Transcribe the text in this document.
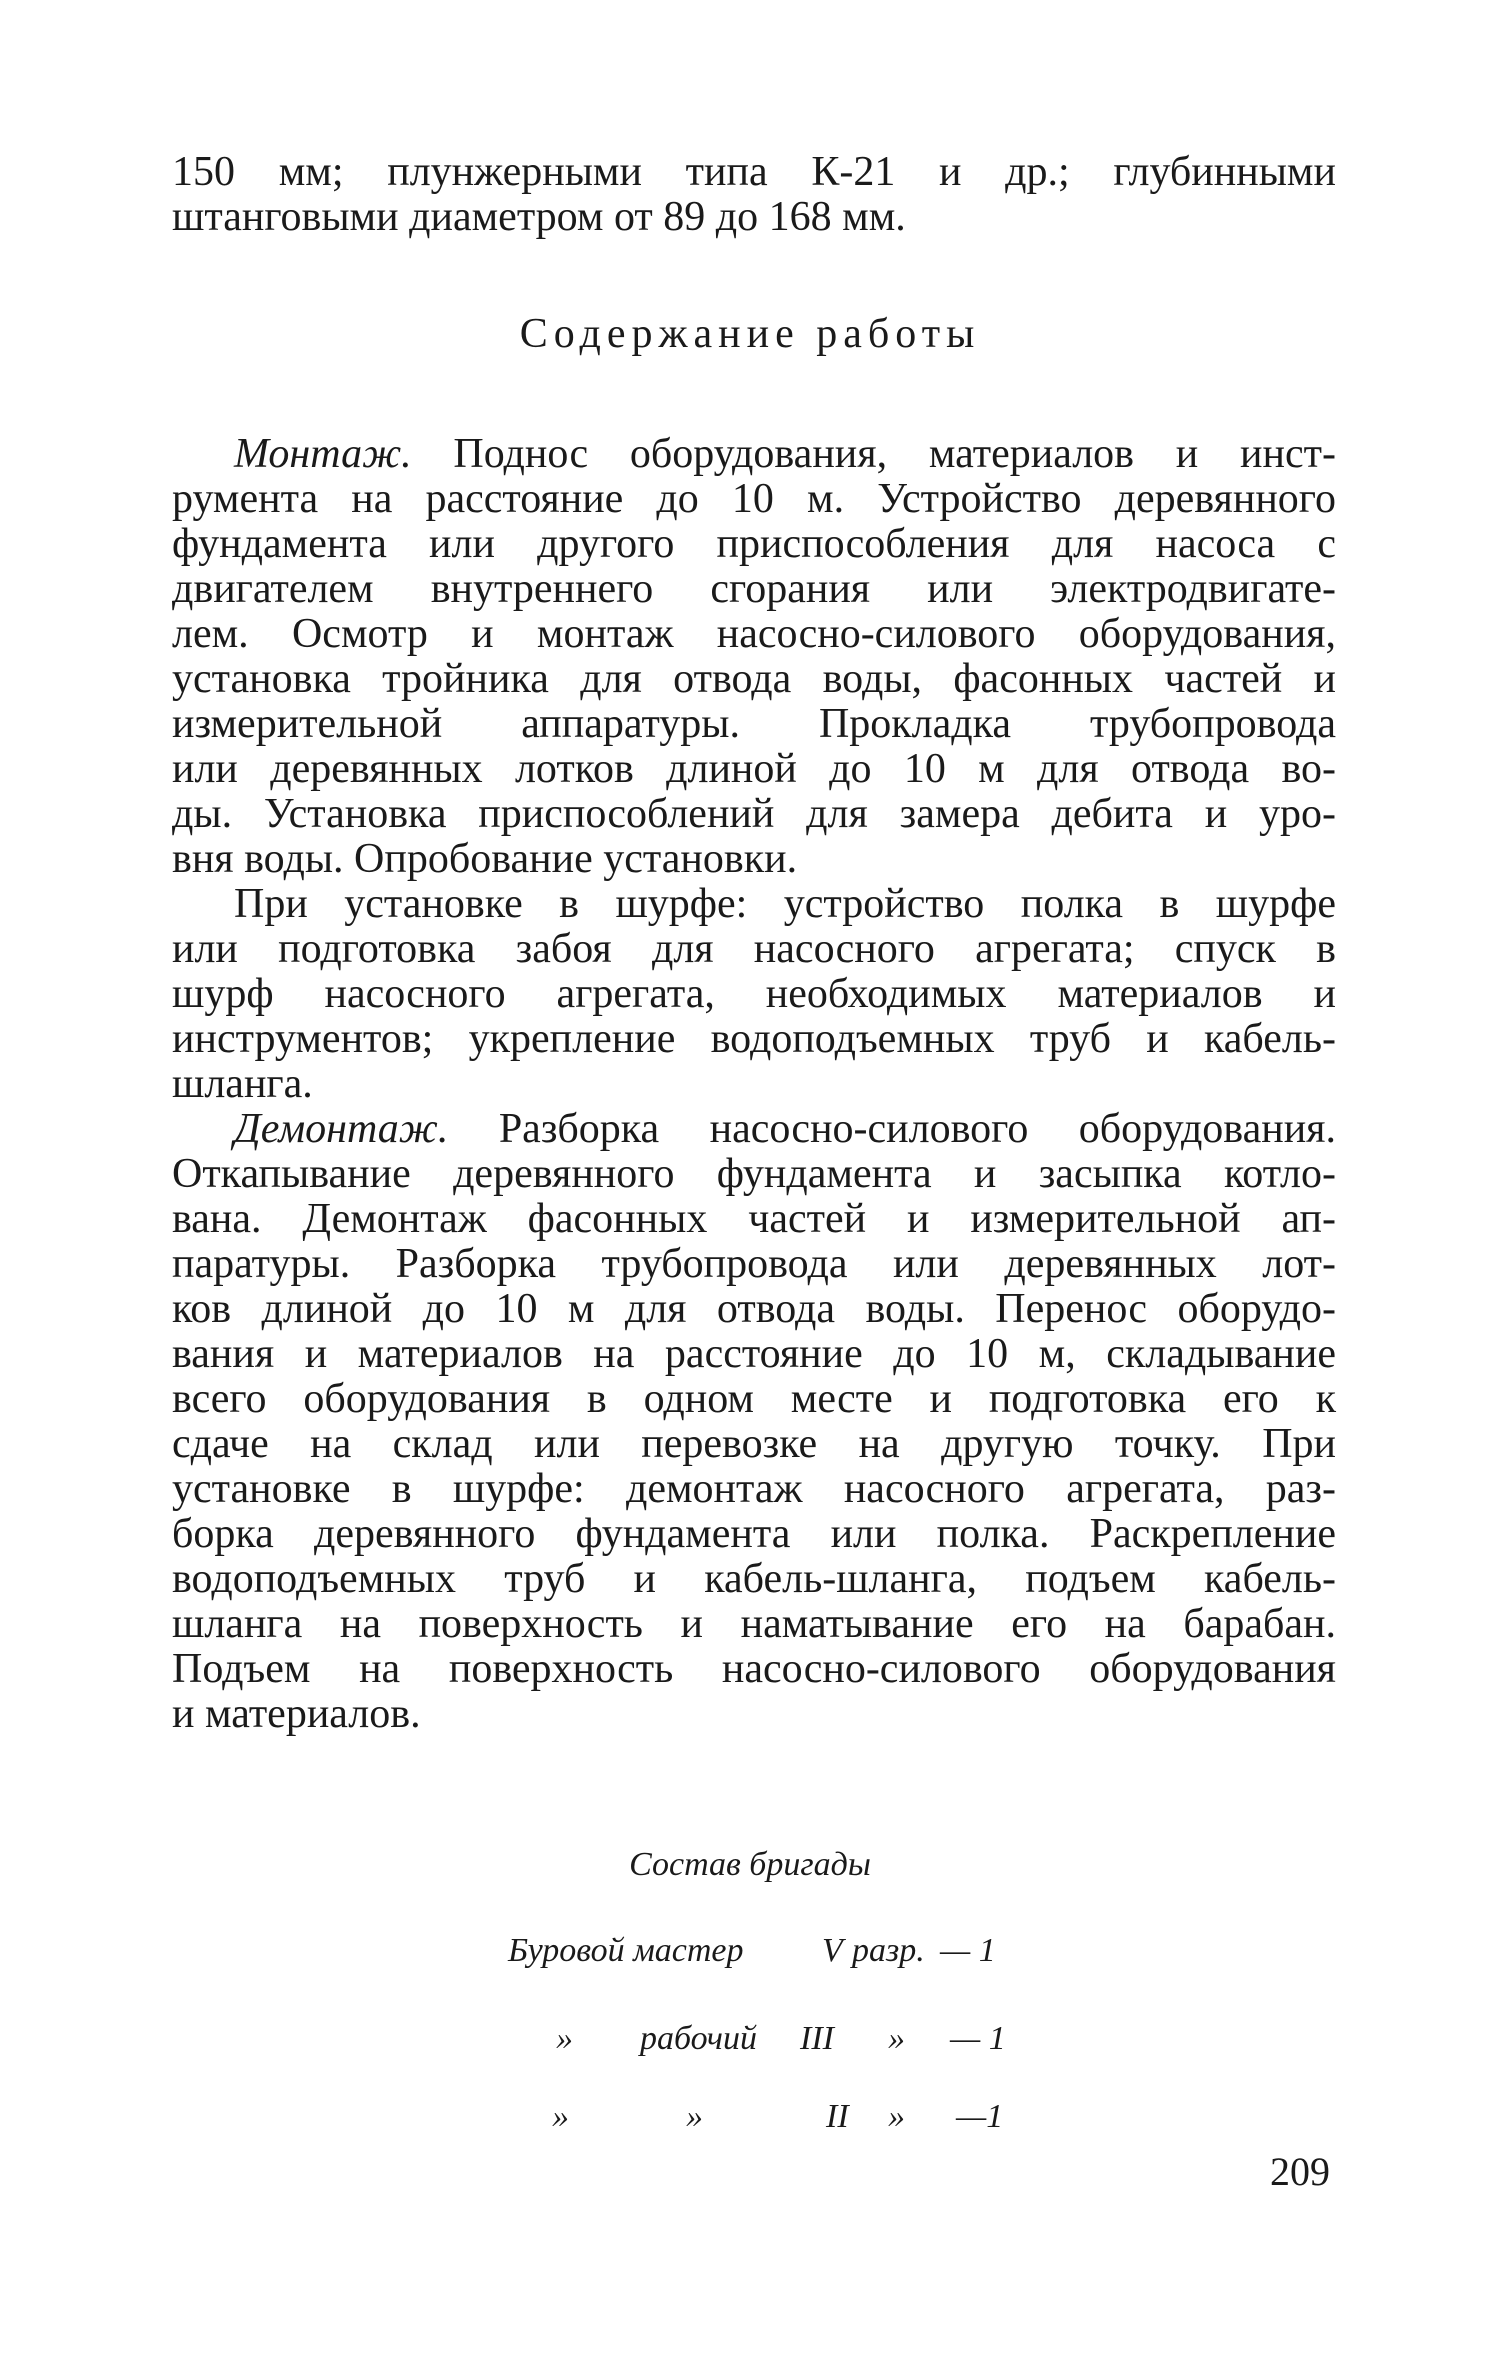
150 мм; плунжерными типа К-21 и др.; глубинными
штанговыми диаметром от 89 до 168 мм.
Содержание работы
Монтаж. Поднос оборудования, материалов и инст-
румента на расстояние до 10 м. Устройство деревянного
фундамента или другого приспособления для насоса с
двигателем внутреннего сгорания или электродвигате-
лем. Осмотр и монтаж насосно-силового оборудования,
установка тройника для отвода воды, фасонных частей и
измерительной аппаратуры. Прокладка трубопровода
или деревянных лотков длиной до 10 м для отвода во-
ды. Установка приспособлений для замера дебита и уро-
вня воды. Опробование установки.
При установке в шурфе: устройство полка в шурфе
или подготовка забоя для насосного агрегата; спуск в
шурф насосного агрегата, необходимых материалов и
инструментов; укрепление водоподъемных труб и кабель-
шланга.
Демонтаж. Разборка насосно-силового оборудования.
Откапывание деревянного фундамента и засыпка котло-
вана. Демонтаж фасонных частей и измерительной ап-
паратуры. Разборка трубопровода или деревянных лот-
ков длиной до 10 м для отвода воды. Перенос оборудо-
вания и материалов на расстояние до 10 м, складывание
всего оборудования в одном месте и подготовка его к
сдаче на склад или перевозке на другую точку. При
установке в шурфе: демонтаж насосного агрегата, раз-
борка деревянного фундамента или полка. Раскрепление
водоподъемных труб и кабель-шланга, подъем кабель-
шланга на поверхность и наматывание его на барабан.
Подъем на поверхность насосно-силового оборудования
и материалов.
Состав бригады
Буровой мастер V разр. — 1
» рабочий III » — 1
»	»	II » —1
209
